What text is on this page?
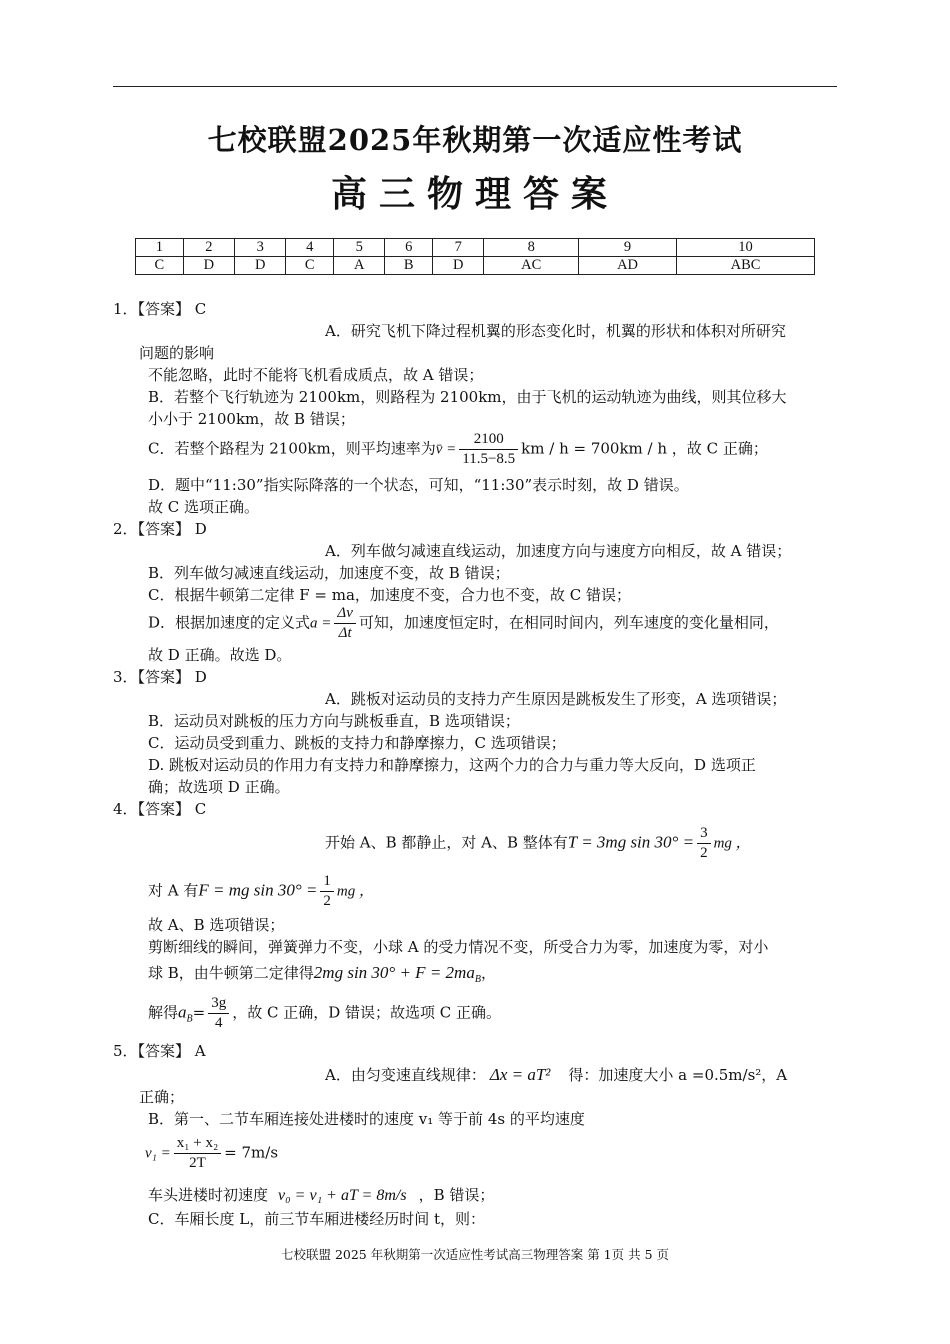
七校联盟2025年秋期第一次适应性考试
高三物理答案
1	2	3	4	5	6	7	8	9	10
C	D	D	C	A	B	D	AC	AD	ABC
1．【答案】 C
A．研究飞机下降过程机翼的形态变化时，机翼的形状和体积对所研究
问题的影响
不能忽略，此时不能将飞机看成质点，故 A 错误；
B．若整个飞行轨迹为 2100km，则路程为 2100km，由于飞机的运动轨迹为曲线，则其位移大
小小于 2100km，故 B 错误；
C．若整个路程为 2100km，则平均速率为v̄ = $\frac{2100}{11.5-8.5}$ km / h = 700km / h ，故 C 正确；
D．题中“11:30”指实际降落的一个状态，可知，“11:30”表示时刻，故 D 错误。
故 C 选项正确。
2．【答案】 D
A．列车做匀减速直线运动，加速度方向与速度方向相反，故 A 错误；
B．列车做匀减速直线运动，加速度不变，故 B 错误；
C．根据牛顿第二定律 F = ma，加速度不变，合力也不变，故 C 错误；
D．根据加速度的定义式$a = \frac{\Delta v}{\Delta t}$ 可知，加速度恒定时，在相同时间内，列车速度的变化量相同，
故 D 正确。故选 D。
3．【答案】 D
A．跳板对运动员的支持力产生原因是跳板发生了形变，A 选项错误；
B．运动员对跳板的压力方向与跳板垂直，B 选项错误；
C．运动员受到重力、跳板的支持力和静摩擦力，C 选项错误；
D. 跳板对运动员的作用力有支持力和静摩擦力，这两个力的合力与重力等大反向，D 选项正
确；故选项 D 正确。
4．【答案】 C
开始 A、B 都静止，对 A、B 整体有T = 3mg $\sin 30^\circ = \frac{3}{2}$ mg ，
对 A 有F = mg $\sin 30^\circ = \frac{1}{2}$ mg ，
故 A、B 选项错误；
剪断细线的瞬间，弹簧弹力不变，小球 A 的受力情况不变，所受合力为零，加速度为零，对小
球 B，由牛顿第二定律得2mg $\sin 30^\circ + F = 2ma_B$，
解得$a_B= \frac{3g}{4}$ ，故 C 正确，D 错误；故选项 C 正确。
5．【答案】 A
A．由匀变速直线规律： Δx = aT² 得：加速度大小 a =0.5m/s²，A
正确；
B．第一、二节车厢连接处进楼时的速度 v₁ 等于前 4s 的平均速度
$v_1 = \frac{\text{x₁ + x₂}}{2T} = 7m/s$
车头进楼时初速度 v₀ = v₁ + aT = 8m/s ，B 错误；
C．车厢长度 L，前三节车厢进楼经历时间 t，则：
七校联盟 2025 年秋期第一次适应性考试高三物理答案 第 1页 共 5 页
